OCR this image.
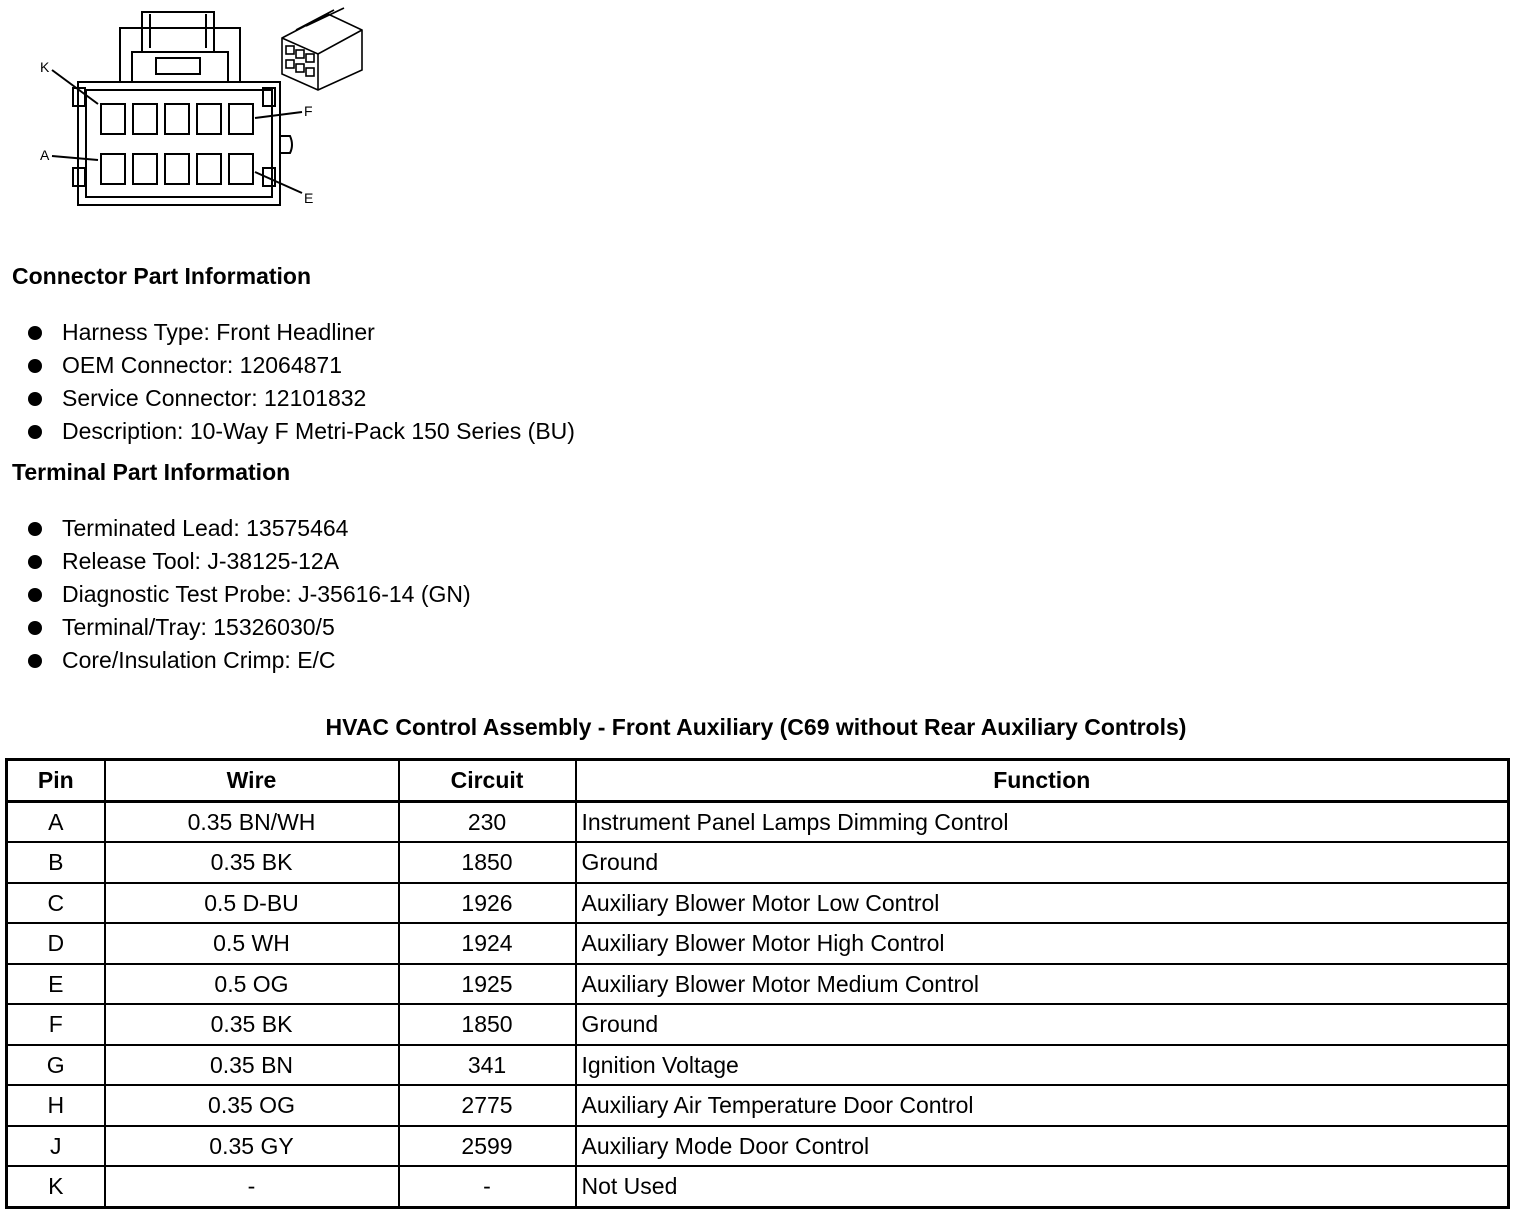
K
A
F
E
Connector Part Information
Harness Type: Front Headliner
OEM Connector: 12064871
Service Connector: 12101832
Description: 10-Way F Metri-Pack 150 Series (BU)
Terminal Part Information
Terminated Lead: 13575464
Release Tool: J-38125-12A
Diagnostic Test Probe: J-35616-14 (GN)
Terminal/Tray: 15326030/5
Core/Insulation Crimp: E/C
HVAC Control Assembly - Front Auxiliary (C69 without Rear Auxiliary Controls)
Pin	Wire	Circuit	Function
A	0.35 BN/WH	230	Instrument Panel Lamps Dimming Control
B	0.35 BK	1850	Ground
C	0.5 D-BU	1926	Auxiliary Blower Motor Low Control
D	0.5 WH	1924	Auxiliary Blower Motor High Control
E	0.5 OG	1925	Auxiliary Blower Motor Medium Control
F	0.35 BK	1850	Ground
G	0.35 BN	341	Ignition Voltage
H	0.35 OG	2775	Auxiliary Air Temperature Door Control
J	0.35 GY	2599	Auxiliary Mode Door Control
K	-	-	Not Used
